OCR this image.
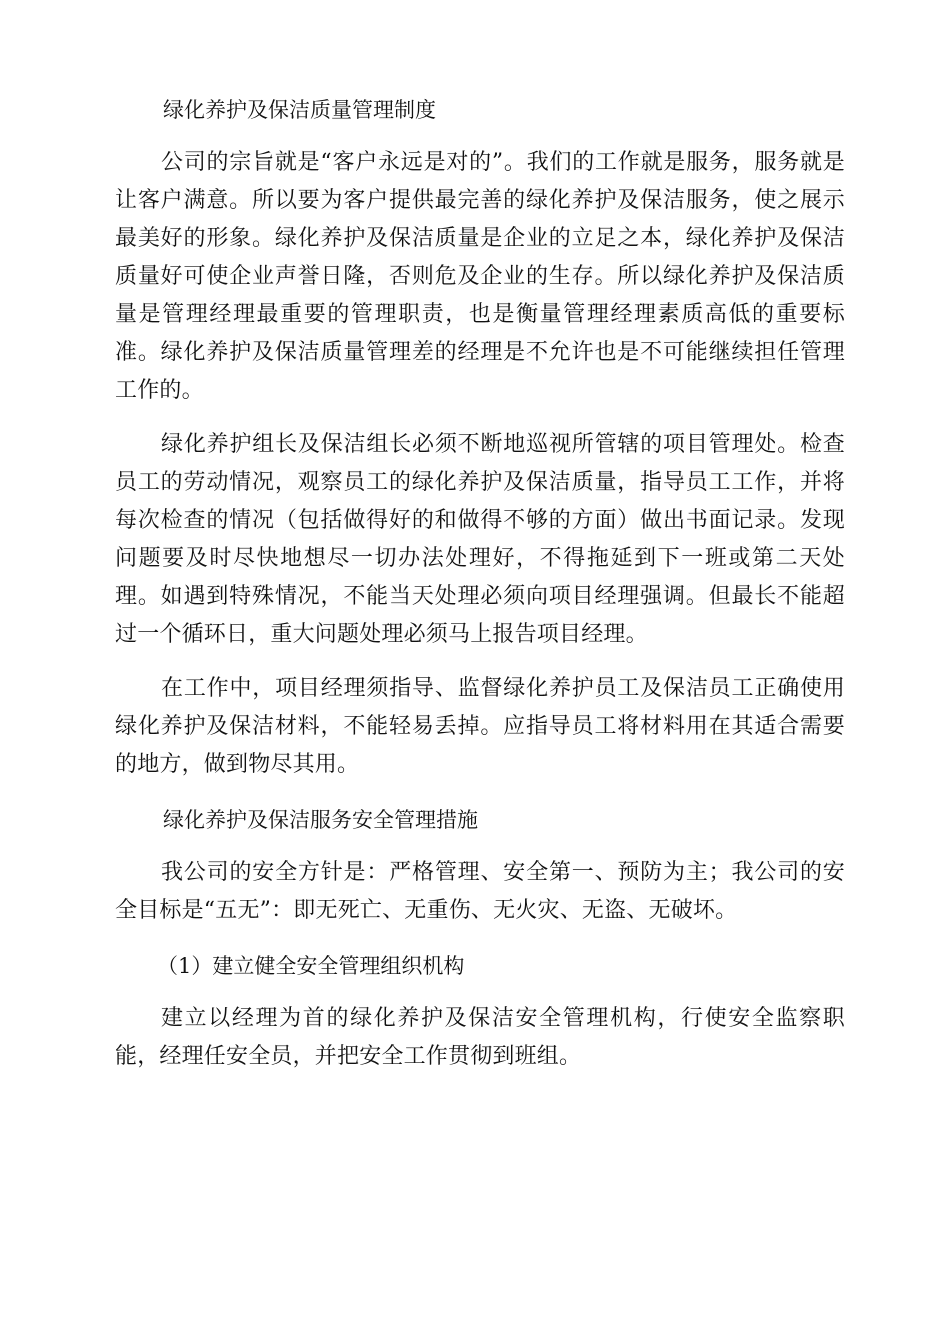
绿化养护及保洁质量管理制度

公司的宗旨就是“客户永远是对的”。我们的工作就是服务，服务就是让客户满意。所以要为客户提供最完善的绿化养护及保洁服务，使之展示最美好的形象。绿化养护及保洁质量是企业的立足之本，绿化养护及保洁质量好可使企业声誉日隆，否则危及企业的生存。所以绿化养护及保洁质量是管理经理最重要的管理职责，也是衡量管理经理素质高低的重要标准。绿化养护及保洁质量管理差的经理是不允许也是不可能继续担任管理工作的。

绿化养护组长及保洁组长必须不断地巡视所管辖的项目管理处。检查员工的劳动情况，观察员工的绿化养护及保洁质量，指导员工工作，并将每次检查的情况（包括做得好的和做得不够的方面）做出书面记录。发现问题要及时尽快地想尽一切办法处理好，不得拖延到下一班或第二天处理。如遇到特殊情况，不能当天处理必须向项目经理强调。但最长不能超过一个循环日，重大问题处理必须马上报告项目经理。

在工作中，项目经理须指导、监督绿化养护员工及保洁员工正确使用绿化养护及保洁材料，不能轻易丢掉。应指导员工将材料用在其适合需要的地方，做到物尽其用。

绿化养护及保洁服务安全管理措施

我公司的安全方针是：严格管理、安全第一、预防为主；我公司的安全目标是“五无”：即无死亡、无重伤、无火灾、无盗、无破坏。

（1）建立健全安全管理组织机构

建立以经理为首的绿化养护及保洁安全管理机构，行使安全监察职能，经理任安全员，并把安全工作贯彻到班组。
